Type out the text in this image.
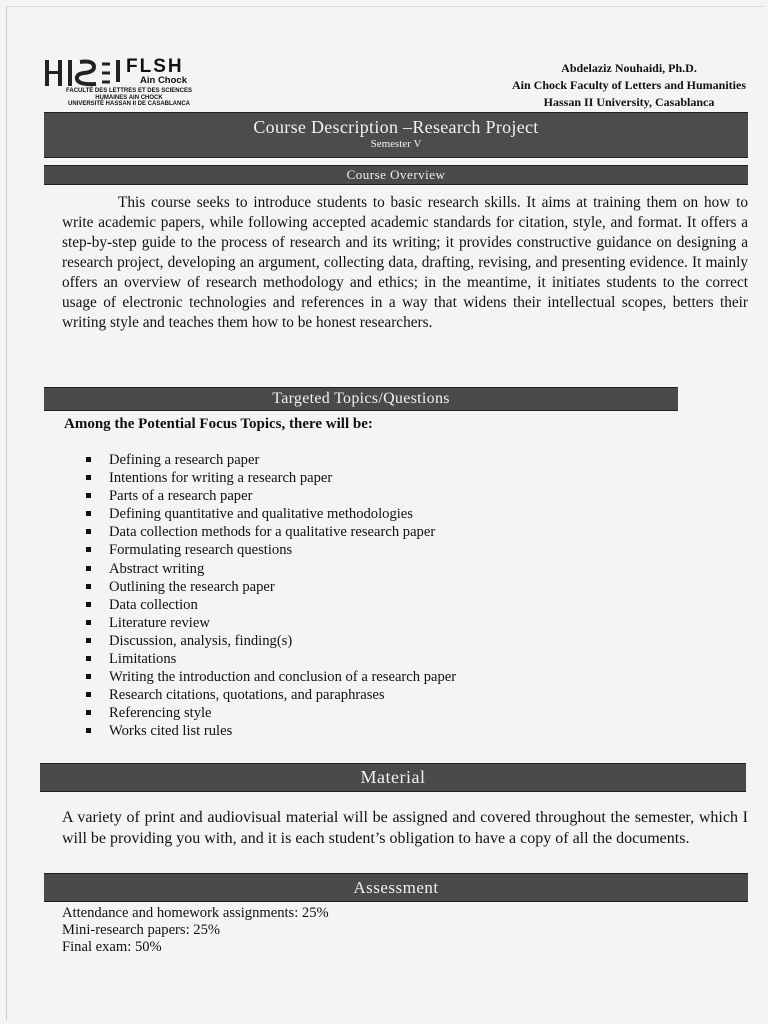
FLSH
Ain Chock
FACULTÉ DES LETTRES ET DES SCIENCES
HUMAINES AIN CHOCK
UNIVERSITÉ HASSAN II DE CASABLANCA
Abdelaziz Nouhaidi, Ph.D.
Ain Chock Faculty of Letters and Humanities
Hassan II University, Casablanca
Course Description –Research Project
Semester V
Course Overview

This course seeks to introduce students to basic research skills. It aims at training them on how to write academic papers, while following accepted academic standards for citation, style, and format. It offers a step-by-step guide to the process of research and its writing; it provides constructive guidance on designing a research project, developing an argument, collecting data, drafting, revising, and presenting evidence. It mainly offers an overview of research methodology and ethics; in the meantime, it initiates students to the correct usage of electronic technologies and references in a way that widens their intellectual scopes, betters their writing style and teaches them how to be honest researchers.

Targeted Topics/Questions
Among the Potential Focus Topics, there will be:
Defining a research paper
Intentions for writing a research paper
Parts of a research paper
Defining quantitative and qualitative methodologies
Data collection methods for a qualitative research paper
Formulating research questions
Abstract writing
Outlining the research paper
Data collection
Literature review
Discussion, analysis, finding(s)
Limitations
Writing the introduction and conclusion of a research paper
Research citations, quotations, and paraphrases
Referencing style
Works cited list rules
Material

A variety of print and audiovisual material will be assigned and covered throughout the semester, which I will be providing you with, and it is each student’s obligation to have a copy of all the documents.

Assessment
Attendance and homework assignments: 25%
Mini-research papers: 25%
Final exam: 50%
